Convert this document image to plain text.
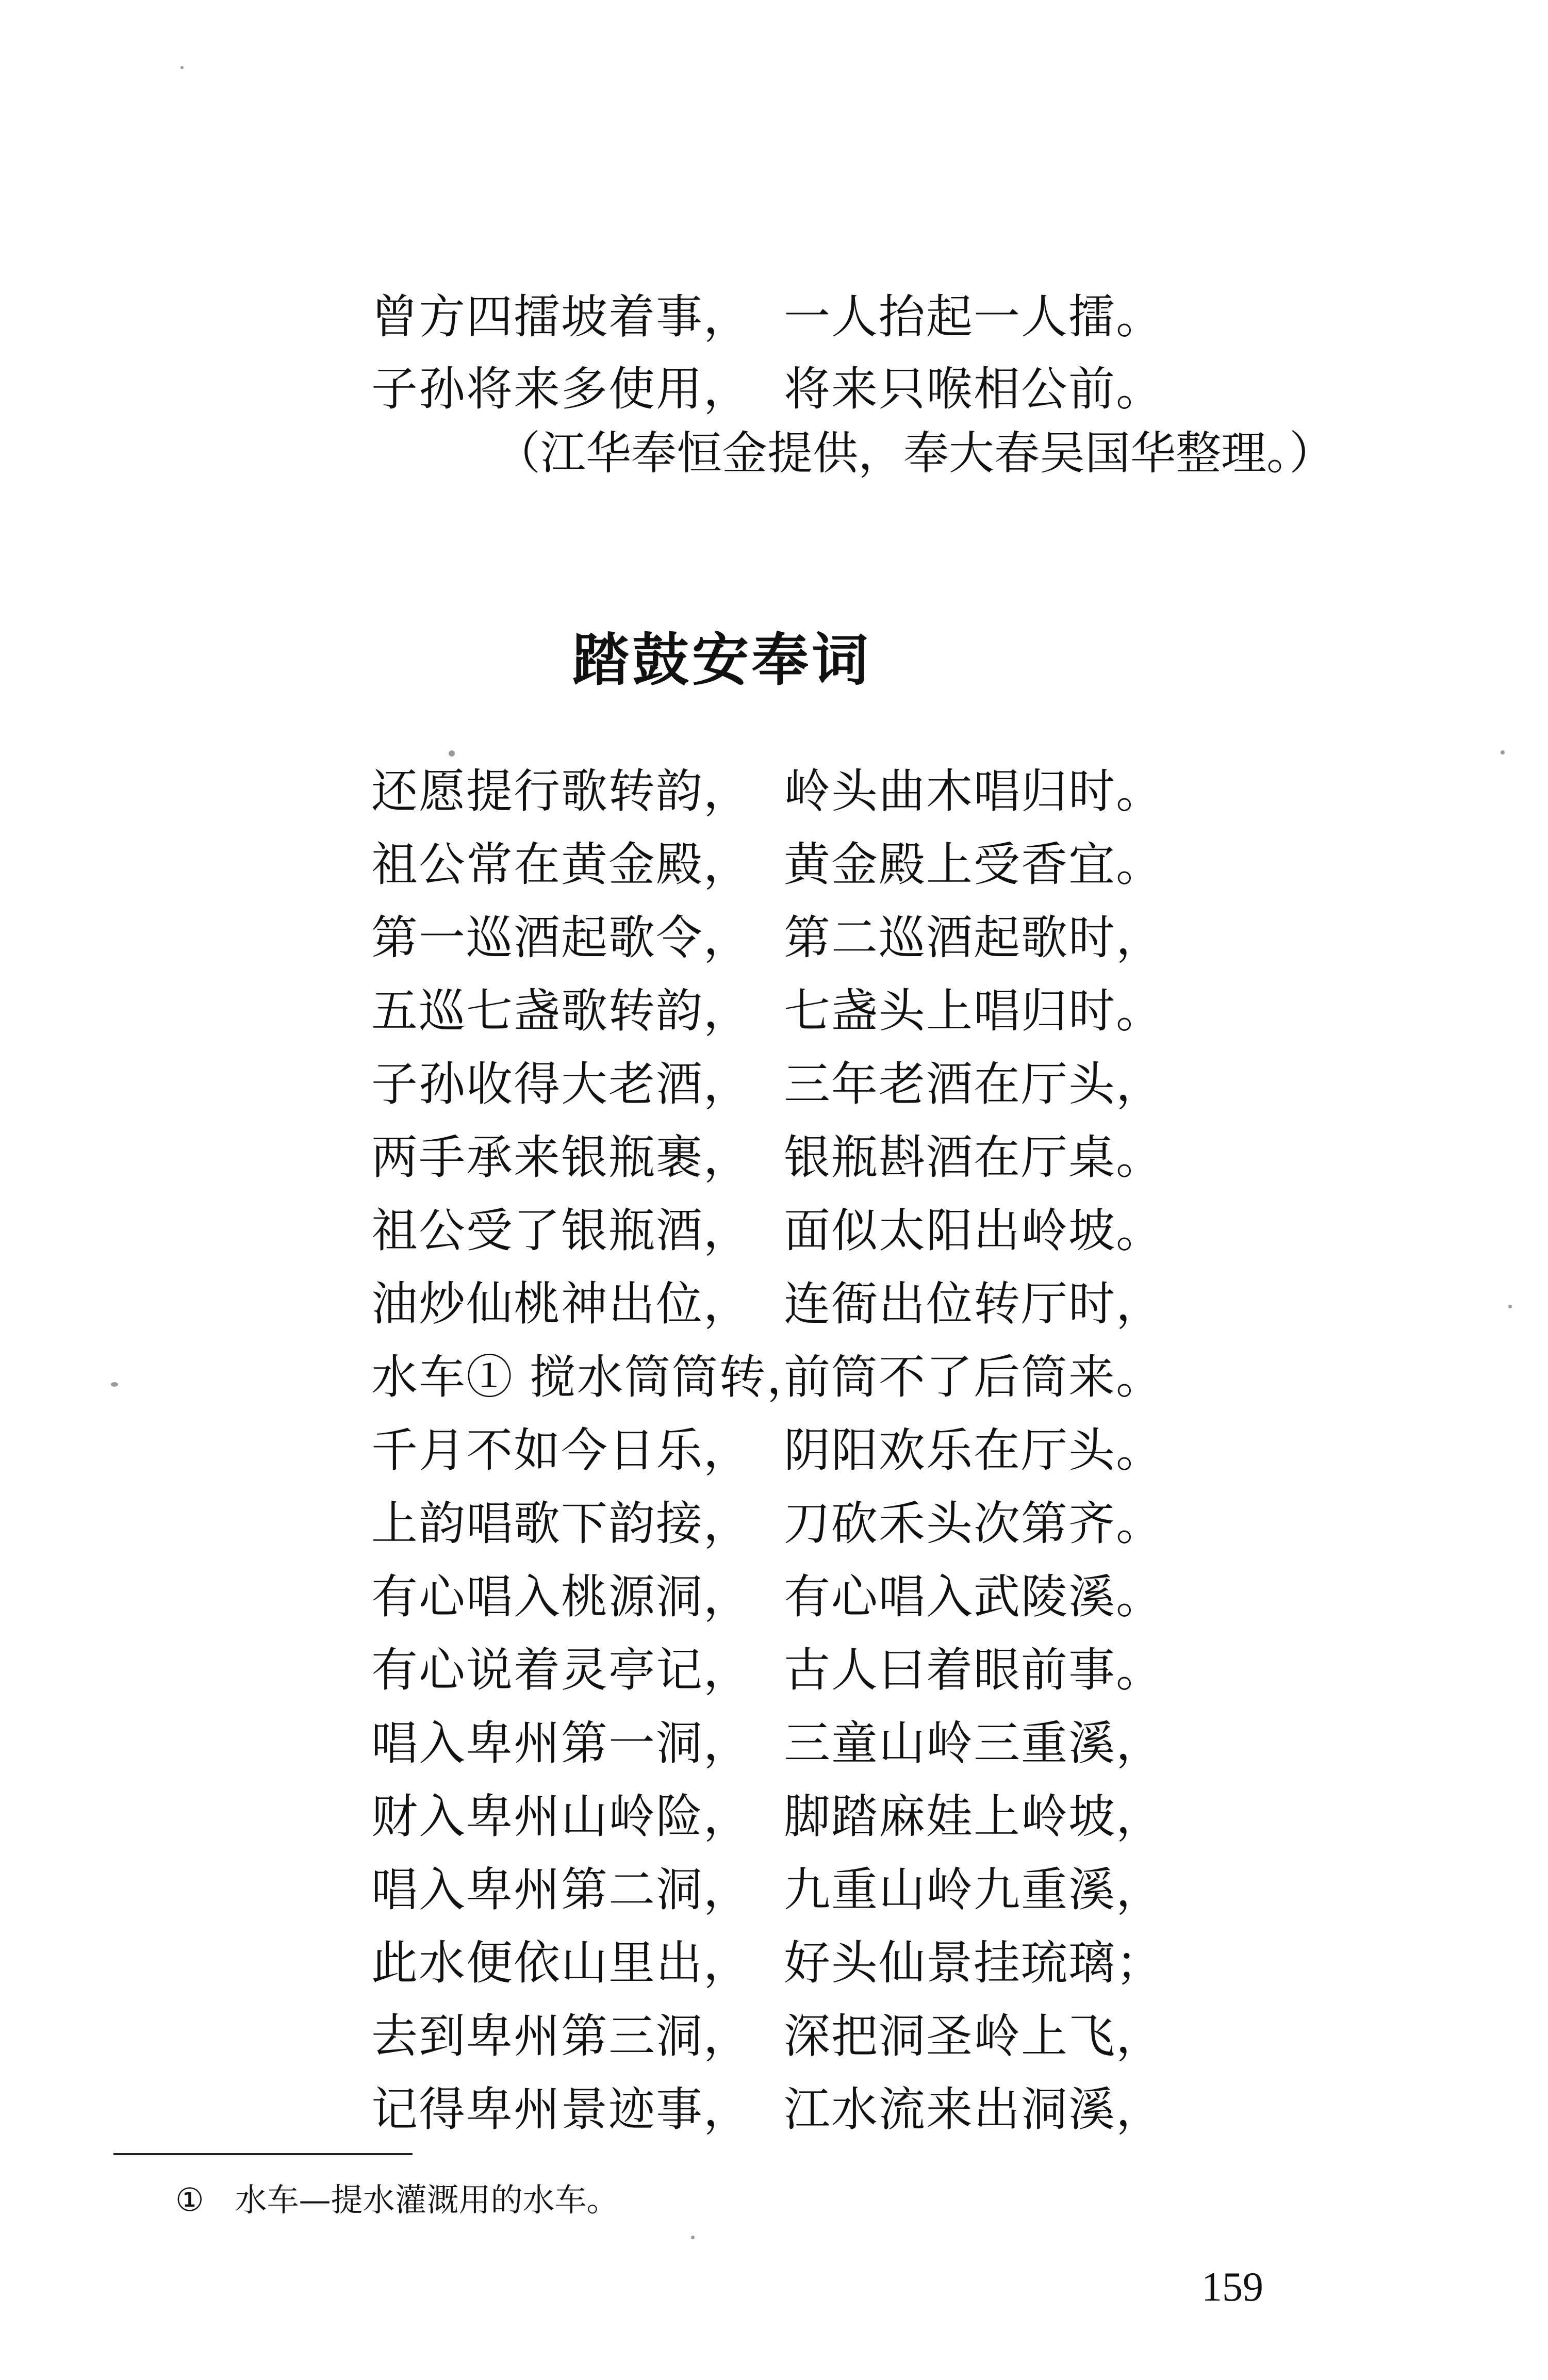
曾方四擂坡着事， 一人抬起一人擂。
子孙将来多使用， 将来只喉相公前。
（江华奉恒金提供，奉大春吴国华整理。）
踏鼓安奉词
还愿提行歌转韵， 岭头曲木唱归时。
祖公常在黄金殿， 黄金殿上受香宜。
第一巡酒起歌令， 第二巡酒起歌时，
五巡七盏歌转韵， 七盏头上唱归时。
子孙收得大老酒， 三年老酒在厅头，
两手承来银瓶裹， 银瓶斟酒在厅桌。
祖公受了银瓶酒， 面似太阳出岭坡。
油炒仙桃神出位， 连衙出位转厅时，
水车① 搅水筒筒转，
前筒不了后筒来。
千月不如今日乐， 阴阳欢乐在厅头。
上韵唱歌下韵接， 刀砍禾头次第齐。
有心唱入桃源洞， 有心唱入武陵溪。
有心说着灵亭记， 古人曰着眼前事。
唱入卑州第一洞， 三童山岭三重溪，
财入卑州山岭险， 脚踏麻娃上岭坡，
唱入卑州第二洞， 九重山岭九重溪，
此水便依山里出， 好头仙景挂琉璃；
去到卑州第三洞， 深把洞圣岭上飞，
记得卑州景迹事， 江水流来出洞溪，
① 水车—提水灌溉用的水车。
159
